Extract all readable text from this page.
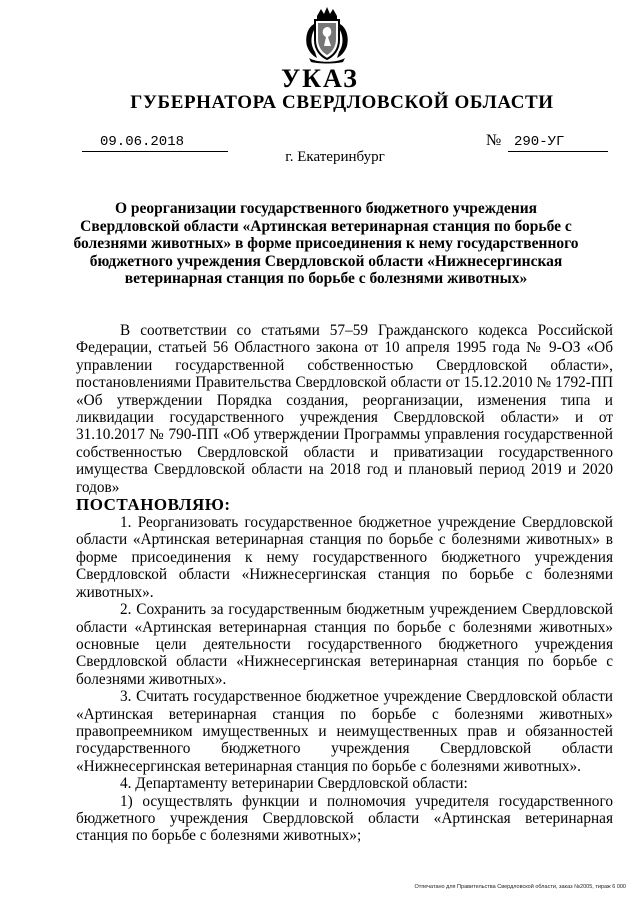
УКАЗ
ГУБЕРНАТОРА СВЕРДЛОВСКОЙ ОБЛАСТИ
09.06.2018	№ 290-УГ
г. Екатеринбург
О реорганизации государственного бюджетного учреждения Свердловской области «Артинская ветеринарная станция по борьбе с болезнями животных» в форме присоединения к нему государственного бюджетного учреждения Свердловской области «Нижнесергинская ветеринарная станция по борьбе с болезнями животных»

В соответствии со статьями 57–59 Гражданского кодекса Российской Федерации, статьей 56 Областного закона от 10 апреля 1995 года № 9-ОЗ «Об управлении государственной собственностью Свердловской области», постановлениями Правительства Свердловской области от 15.12.2010 № 1792-ПП «Об утверждении Порядка создания, реорганизации, изменения типа и ликвидации государственного учреждения Свердловской области» и от 31.10.2017 № 790-ПП «Об утверждении Программы управления государственной собственностью Свердловской области и приватизации государственного имущества Свердловской области на 2018 год и плановый период 2019 и 2020 годов»

ПОСТАНОВЛЯЮ:

1. Реорганизовать государственное бюджетное учреждение Свердловской области «Артинская ветеринарная станция по борьбе с болезнями животных» в форме присоединения к нему государственного бюджетного учреждения Свердловской области «Нижнесергинская станция по борьбе с болезнями животных».

2. Сохранить за государственным бюджетным учреждением Свердловской области «Артинская ветеринарная станция по борьбе с болезнями животных» основные цели деятельности государственного бюджетного учреждения Свердловской области «Нижнесергинская ветеринарная станция по борьбе с болезнями животных».

3. Считать государственное бюджетное учреждение Свердловской области «Артинская ветеринарная станция по борьбе с болезнями животных» правопреемником имущественных и неимущественных прав и обязанностей государственного бюджетного учреждения Свердловской области «Нижнесергинская ветеринарная станция по борьбе с болезнями животных».

4. Департаменту ветеринарии Свердловской области:

1) осуществлять функции и полномочия учредителя государственного бюджетного учреждения Свердловской области «Артинская ветеринарная станция по борьбе с болезнями животных»;

Отпечатано для Правительства Свердловской области, заказ №2005, тираж 6 000
